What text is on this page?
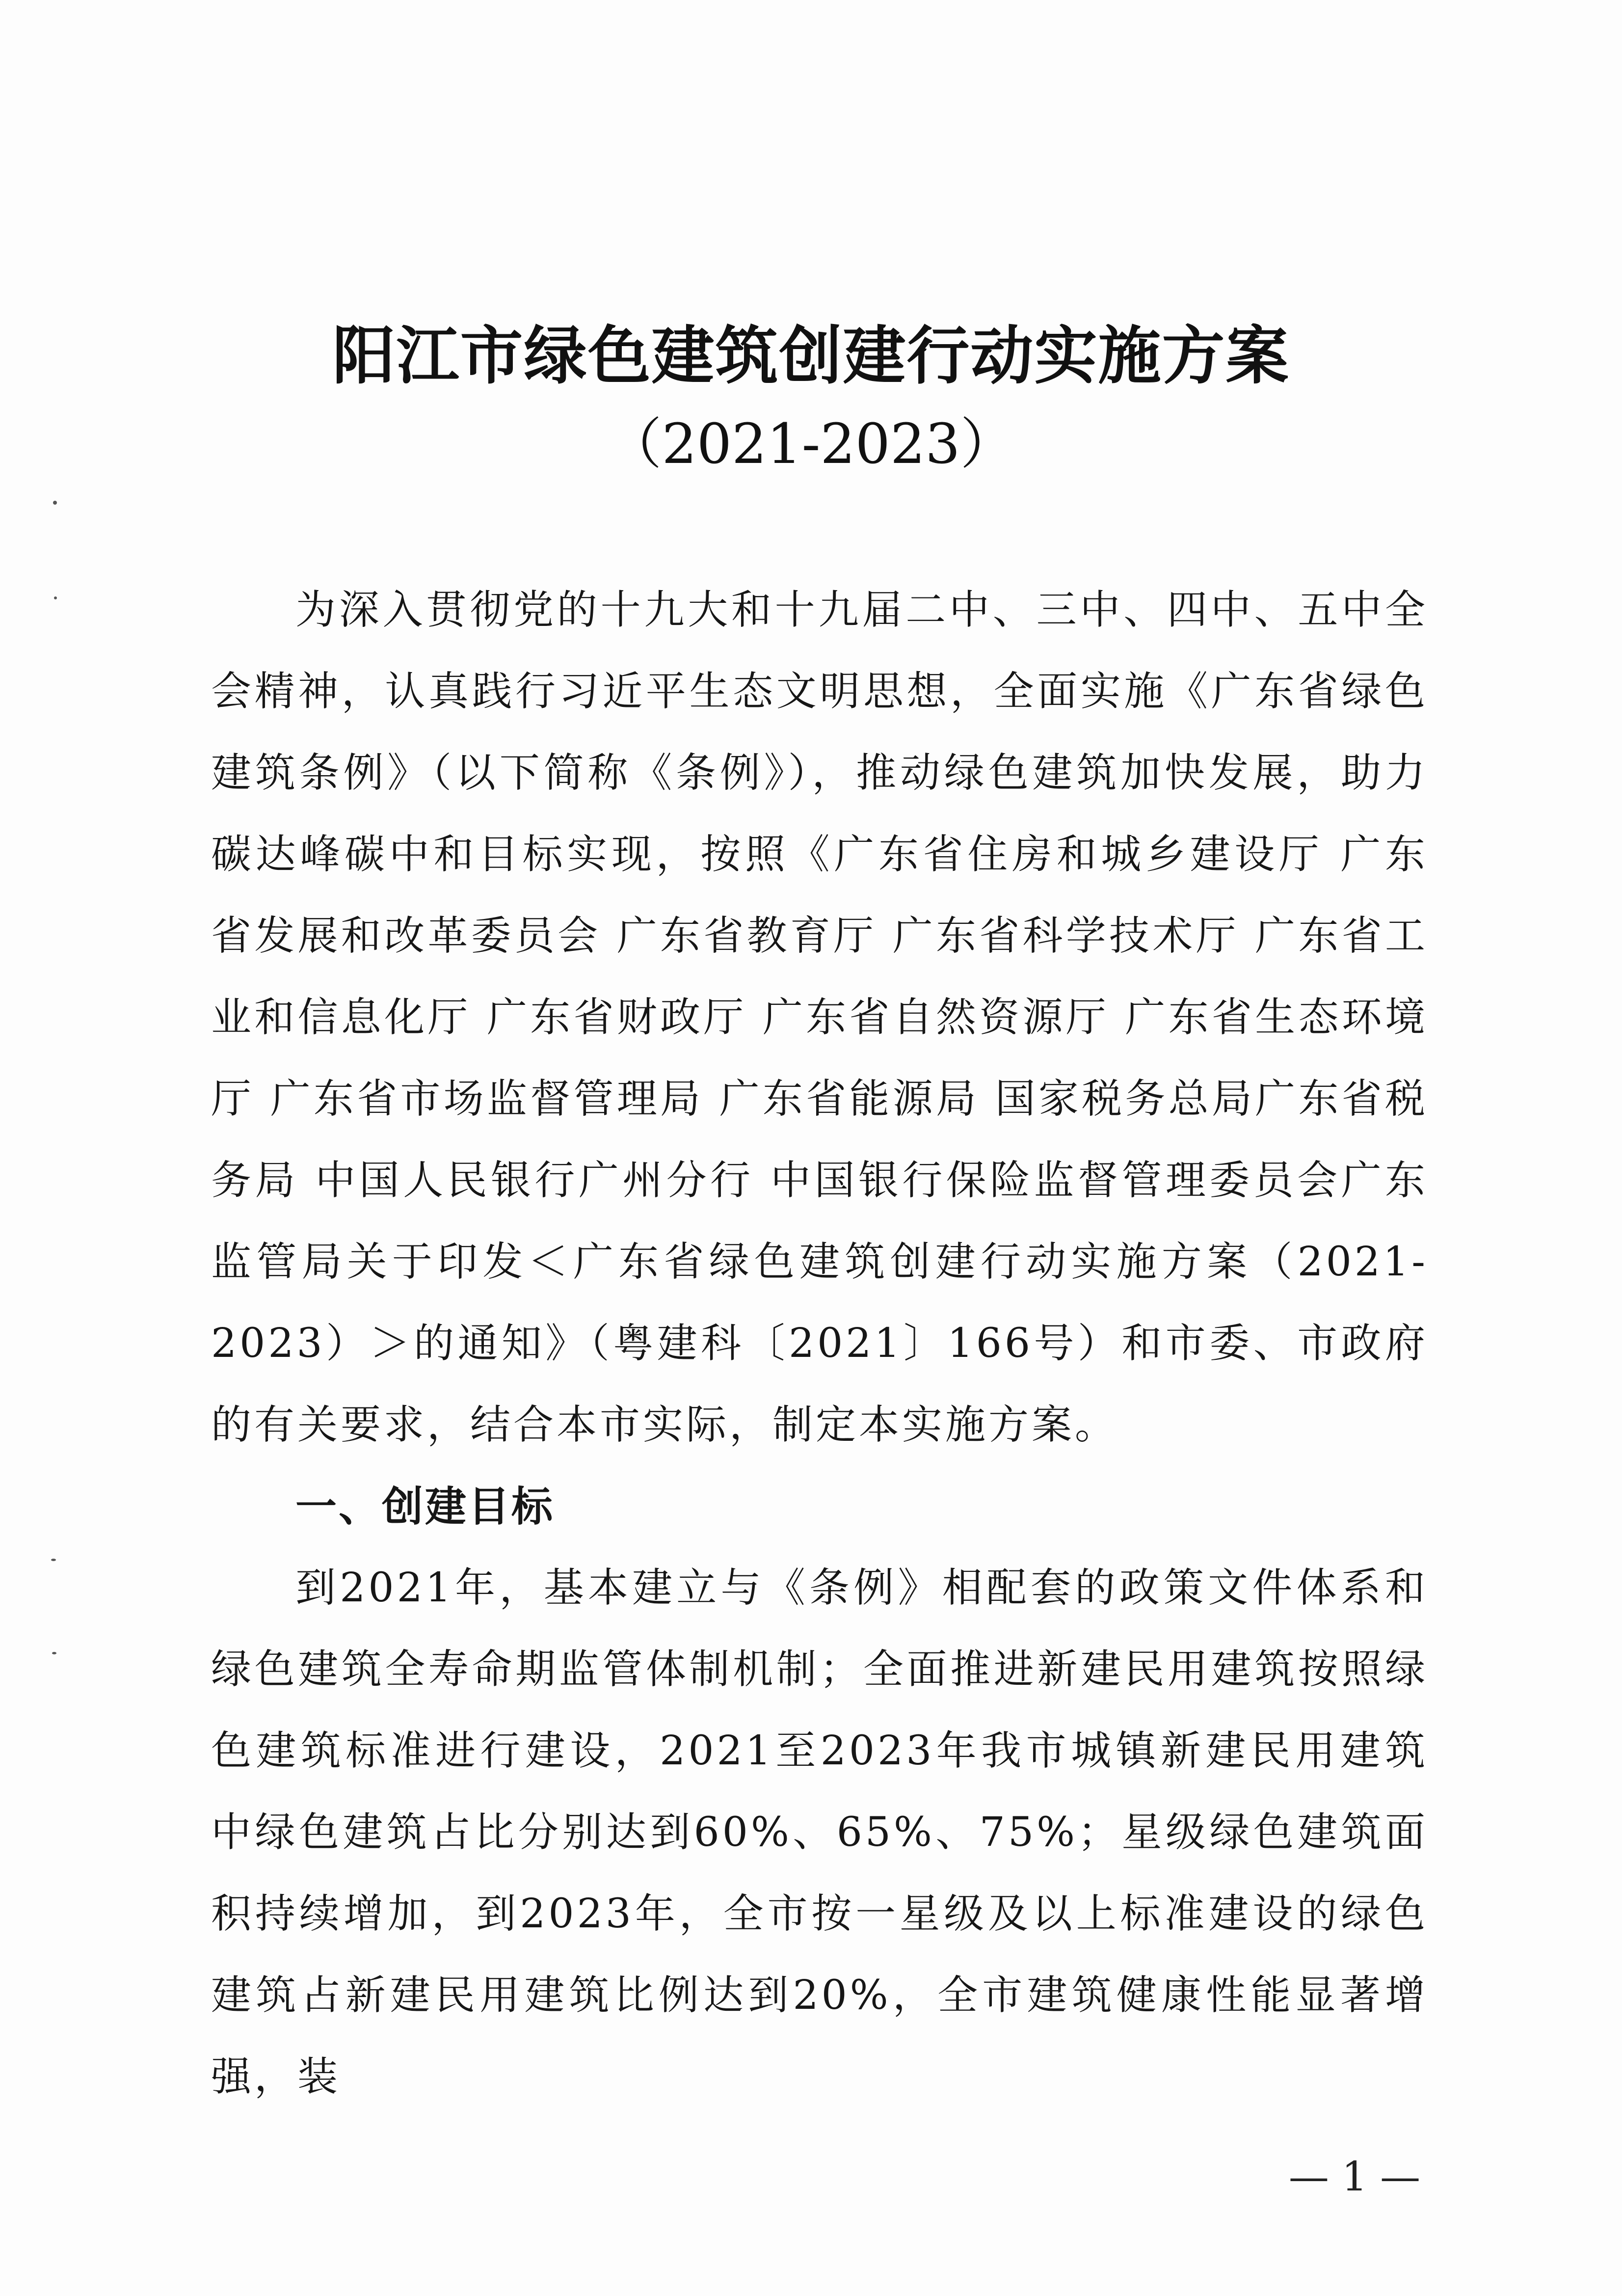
阳江市绿色建筑创建行动实施方案
（2021-2023）

为深入贯彻党的十九大和十九届二中、三中、四中、五中全会精神，认真践行习近平生态文明思想，全面实施《广东省绿色建筑条例》（以下简称《条例》），推动绿色建筑加快发展，助力碳达峰碳中和目标实现，按照《广东省住房和城乡建设厅 广东省发展和改革委员会 广东省教育厅 广东省科学技术厅 广东省工业和信息化厅 广东省财政厅 广东省自然资源厅 广东省生态环境厅 广东省市场监督管理局 广东省能源局 国家税务总局广东省税务局 中国人民银行广州分行 中国银行保险监督管理委员会广东监管局关于印发＜广东省绿色建筑创建行动实施方案（2021-2023）＞的通知》（粤建科〔2021〕166号）和市委、市政府的有关要求，结合本市实际，制定本实施方案。

一、创建目标

到2021年，基本建立与《条例》相配套的政策文件体系和绿色建筑全寿命期监管体制机制；全面推进新建民用建筑按照绿色建筑标准进行建设，2021至2023年我市城镇新建民用建筑中绿色建筑占比分别达到60%、65%、75%；星级绿色建筑面积持续增加，到2023年，全市按一星级及以上标准建设的绿色建筑占新建民用建筑比例达到20%，全市建筑健康性能显著增强，装

— 1 —
